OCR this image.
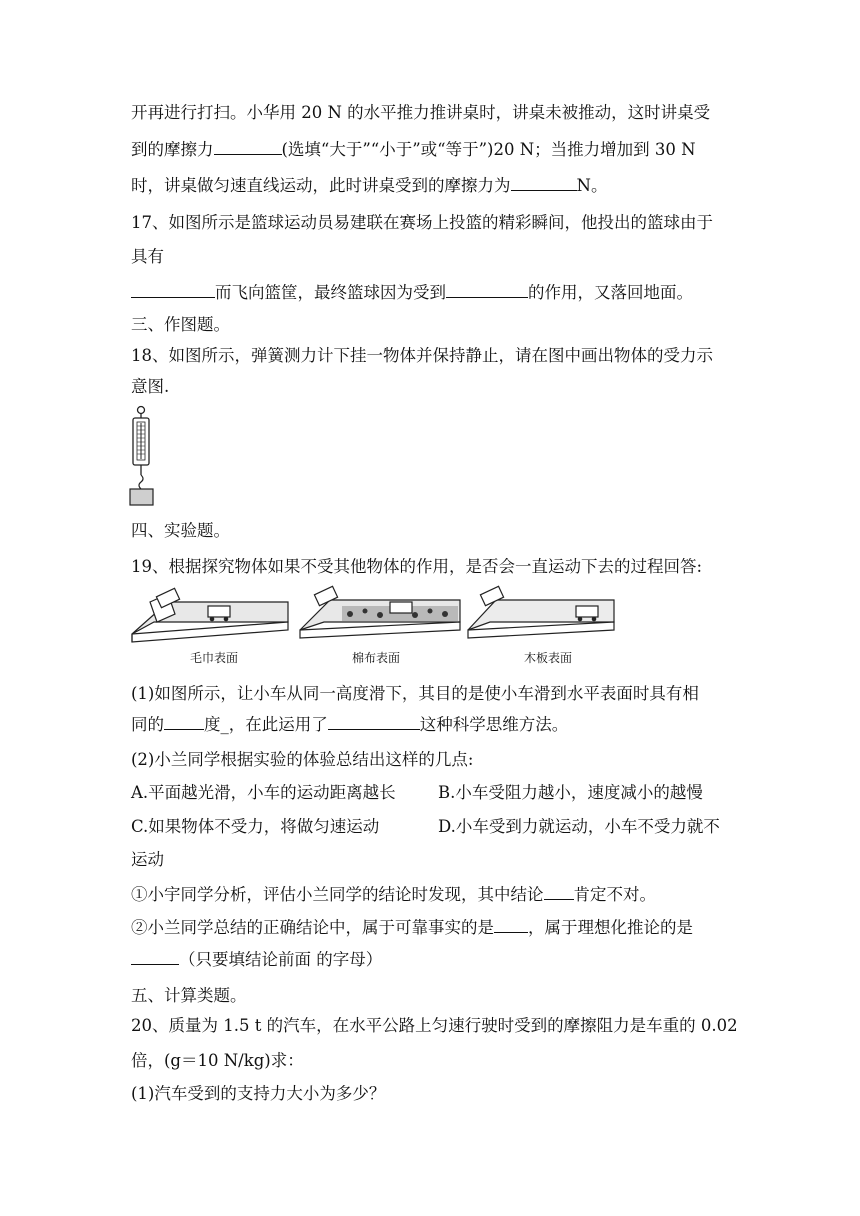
开再进行打扫。小华用 20 N 的水平推力推讲桌时，讲桌未被推动，这时讲桌受
到的摩擦力	(选填“大于”“小于”或“等于”)20 N；当推力增加到 30 N
时，讲桌做匀速直线运动，此时讲桌受到的摩擦力为	N。
17、如图所示是篮球运动员易建联在赛场上投篮的精彩瞬间，他投出的篮球由于
具有
而飞向篮筐，最终篮球因为受到	的作用，又落回地面。
三、作图题。
18、如图所示，弹簧测力计下挂一物体并保持静止，请在图中画出物体的受力示
意图.
四、实验题。
19、根据探究物体如果不受其他物体的作用，是否会一直运动下去的过程回答:
毛巾表面	棉布表面	木板表面
(1)如图所示，让小车从同一高度滑下，其目的是使小车滑到水平表面时具有相
同的 度_，在此运用了	这种科学思维方法。
(2)小兰同学根据实验的体验总结出这样的几点:
A.平面越光滑，小车的运动距离越长	B.小车受阻力越小，速度减小的越慢
C.如果物体不受力，将做匀速运动	D.小车受到力就运动，小车不受力就不
运动
①小宇同学分析，评估小兰同学的结论时发现，其中结论 肯定不对。
②小兰同学总结的正确结论中，属于可靠事实的是 ，属于理想化推论的是
（只要填结论前面 的字母）
五、计算类题。
20、质量为 1.5 t 的汽车，在水平公路上匀速行驶时受到的摩擦阻力是车重的 0.02
倍，(g＝10 N/kg)求：
(1)汽车受到的支持力大小为多少？
